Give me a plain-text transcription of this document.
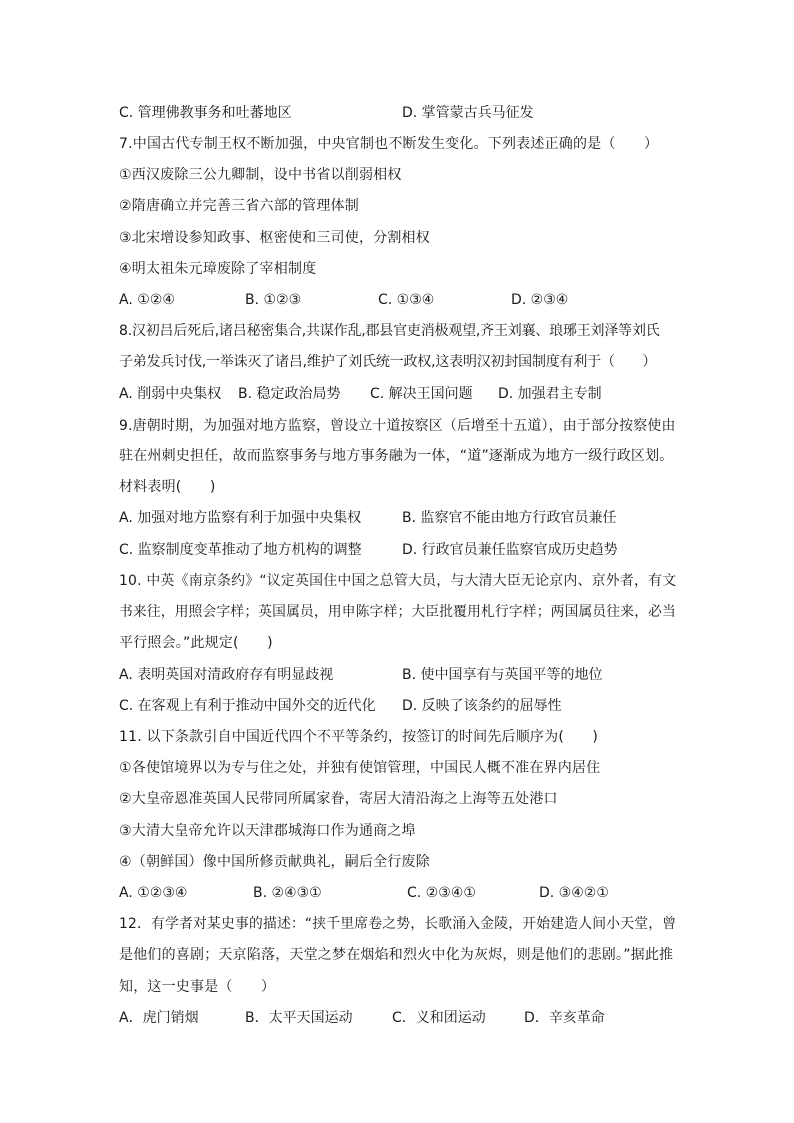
C. 管理佛教事务和吐蕃地区	D. 掌管蒙古兵马征发
7.中国古代专制王权不断加强，中央官制也不断发生变化。下列表述正确的是（　　）
①西汉废除三公九卿制，设中书省以削弱相权
②隋唐确立并完善三省六部的管理体制
③北宋增设参知政事、枢密使和三司使，分割相权
④明太祖朱元璋废除了宰相制度
A. ①②④	B. ①②③	C. ①③④	D. ②③④
8.汉初吕后死后,诸吕秘密集合,共谋作乱,郡县官吏消极观望,齐王刘襄、琅琊王刘泽等刘氏
子弟发兵讨伐,一举诛灭了诸吕,维护了刘氏统一政权,这表明汉初封国制度有利于（　　）
A. 削弱中央集权 B. 稳定政治局势 C. 解决王国问题 D. 加强君主专制
9.唐朝时期，为加强对地方监察，曾设立十道按察区（后增至十五道），由于部分按察使由
驻在州刺史担任，故而监察事务与地方事务融为一体，“道”逐渐成为地方一级行政区划。
材料表明(　　)
A. 加强对地方监察有利于加强中央集权	B. 监察官不能由地方行政官员兼任
C. 监察制度变革推动了地方机构的调整	D. 行政官员兼任监察官成历史趋势
10. 中英《南京条约》“议定英国住中国之总管大员，与大清大臣无论京内、京外者，有文
书来往，用照会字样；英国属员，用申陈字样；大臣批覆用札行字样；两国属员往来，必当
平行照会。”此规定(　　)
A. 表明英国对清政府存有明显歧视	B. 使中国享有与英国平等的地位
C. 在客观上有利于推动中国外交的近代化 D. 反映了该条约的屈辱性
11. 以下条款引自中国近代四个不平等条约，按签订的时间先后顺序为(　　)
①各使馆境界以为专与住之处，并独有使馆管理，中国民人概不准在界内居住
②大皇帝恩准英国人民带同所属家眷，寄居大清沿海之上海等五处港口
③大清大皇帝允许以天津郡城海口作为通商之埠
④（朝鲜国）像中国所修贡献典礼，嗣后全行废除
A. ①②③④	B. ②④③①	C. ②③④①	D. ③④②①
12．有学者对某史事的描述：“挟千里席卷之势，长歌涌入金陵，开始建造人间小天堂，曾
是他们的喜剧；天京陷落，天堂之梦在烟焰和烈火中化为灰烬，则是他们的悲剧。”据此推
知，这一史事是（　　）
A．虎门销烟	B．太平天国运动	C．义和团运动	D．辛亥革命
